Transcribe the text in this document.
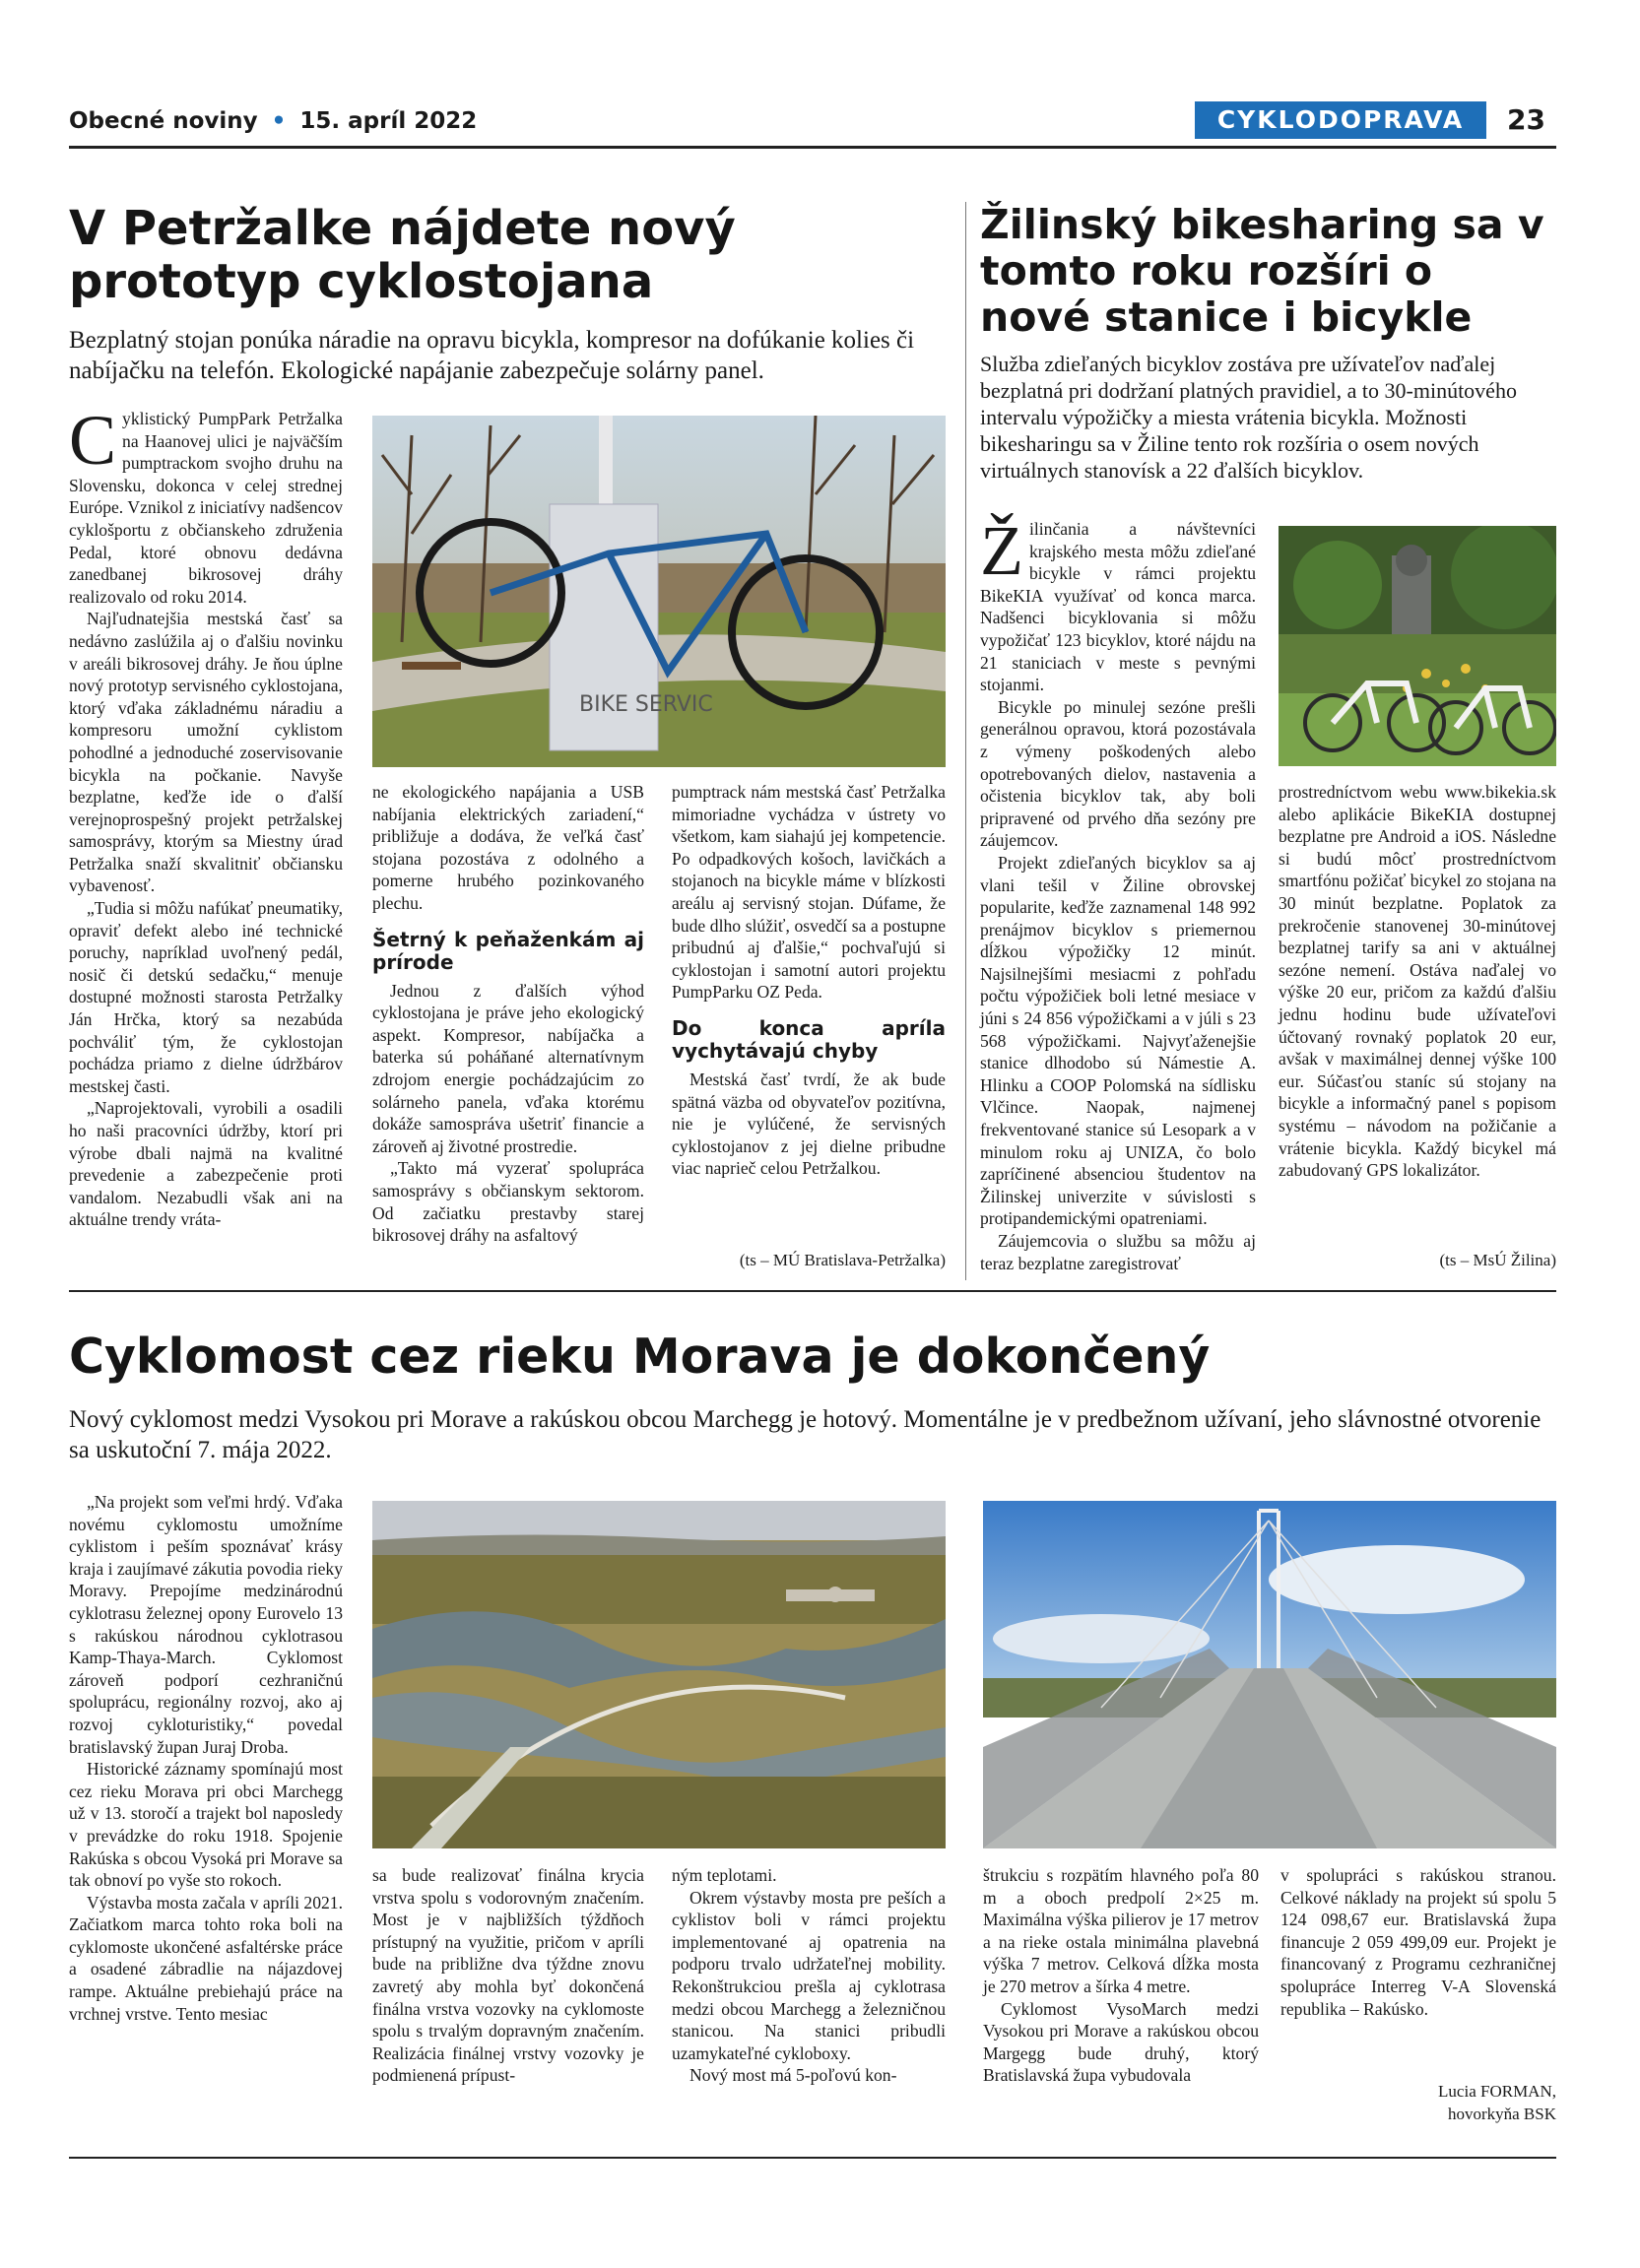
Obecné noviny • 15. apríl 2022	CYKLODOPRAVA	23
V Petržalke nájdete nový prototyp cyklostojana
Bezplatný stojan ponúka náradie na opravu bicykla, kompresor na dofúkanie kolies či nabíjačku na telefón. Ekologické napájanie zabezpečuje solárny panel.
C yklistický PumpPark Petržalka na Haanovej ulici je najväčším pumptrackom svojho druhu na Slovensku, dokonca v celej strednej Európe. Vznikol z iniciatívy nadšencov cyklošportu z občianskeho združenia Pedal, ktoré obnovu dedávna zanedbanej bikrosovej dráhy realizovalo od roku 2014.

Najľudnatejšia mestská časť sa nedávno zaslúžila aj o ďalšiu novinku v areáli bikrosovej dráhy. Je ňou úplne nový prototyp servisného cyklostojana, ktorý vďaka základnému náradiu a kompresoru umožní cyklistom pohodlné a jednoduché zoservisovanie bicykla na počkanie. Navyše bezplatne, keďže ide o ďalší verejnoprospešný projekt petržalskej samosprávy, ktorým sa Miestny úrad Petržalka snaží skvalitniť občiansku vybavenosť.

„Tudia si môžu nafúkať pneumatiky, opraviť defekt alebo iné technické poruchy, napríklad uvoľnený pedál, nosič či detskú sedačku,“ menuje dostupné možnosti starosta Petržalky Ján Hrčka, ktorý sa nezabúda pochváliť tým, že cyklostojan pochádza priamo z dielne údržbárov mestskej časti.

„Naprojektovali, vyrobili a osadili ho naši pracovníci údržby, ktorí pri výrobe dbali najmä na kvalitné prevedenie a zabezpečenie proti vandalom. Nezabudli však ani na aktuálne trendy vráta-

BIKE SERVIC

ne ekologického napájania a USB nabíjania elektrických zariadení,“ približuje a dodáva, že veľká časť stojana pozostáva z odolného a pomerne hrubého pozinkovaného plechu.

Šetrný k peňaženkám aj prírode

Jednou z ďalších výhod cyklostojana je práve jeho ekologický aspekt. Kompresor, nabíjačka a baterka sú poháňané alternatívnym zdrojom energie pochádzajúcim zo solárneho panela, vďaka ktorému dokáže samospráva ušetriť financie a zároveň aj životné prostredie.

„Takto má vyzerať spolupráca samosprávy s občianskym sektorom. Od začiatku prestavby starej bikrosovej dráhy na asfaltový

pumptrack nám mestská časť Petržalka mimoriadne vychádza v ústrety vo všetkom, kam siahajú jej kompetencie. Po odpadkových košoch, lavičkách a stojanoch na bicykle máme v blízkosti areálu aj servisný stojan. Dúfame, že bude dlho slúžiť, osvedčí sa a postupne pribudnú aj ďalšie,“ pochvaľujú si cyklostojan i samotní autori projektu PumpParku OZ Peda.

Do konca apríla vychytávajú chyby

Mestská časť tvrdí, že ak bude spätná väzba od obyvateľov pozitívna, nie je vylúčené, že servisných cyklostojanov z jej dielne pribudne viac naprieč celou Petržalkou.

(ts – MÚ Bratislava-Petržalka)
Žilinský bikesharing sa v tomto roku rozšíri o nové stanice i bicykle
Služba zdieľaných bicyklov zostáva pre užívateľov naďalej bezplatná pri dodržaní platných pravidiel, a to 30-minútového intervalu výpožičky a miesta vrátenia bicykla. Možnosti bikesharingu sa v Žiline tento rok rozšíria o osem nových virtuálnych stanovísk a 22 ďalších bicyklov.
Ž ilinčania a návštevníci krajského mesta môžu zdieľané bicykle v rámci projektu BikeKIA využívať od konca marca. Nadšenci bicyklovania si môžu vypožičať 123 bicyklov, ktoré nájdu na 21 staniciach v meste s pevnými stojanmi.

Bicykle po minulej sezóne prešli generálnou opravou, ktorá pozostávala z výmeny poškodených alebo opotrebovaných dielov, nastavenia a očistenia bicyklov tak, aby boli pripravené od prvého dňa sezóny pre záujemcov.

Projekt zdieľaných bicyklov sa aj vlani tešil v Žiline obrovskej popularite, keďže zaznamenal 148 992 prenájmov bicyklov s priemernou dĺžkou výpožičky 12 minút. Najsilnejšími mesiacmi z pohľadu počtu výpožičiek boli letné mesiace v júni s 24 856 výpožičkami a v júli s 23 568 výpožičkami. Najvyťaženejšie stanice dlhodobo sú Námestie A. Hlinku a COOP Polomská na sídlisku Vlčince. Naopak, najmenej frekventované stanice sú Lesopark a v minulom roku aj UNIZA, čo bolo zapríčinené absenciou študentov na Žilinskej univerzite v súvislosti s protipandemickými opatreniami.

Záujemcovia o službu sa môžu aj teraz bezplatne zaregistrovať

prostredníctvom webu www.bikekia.sk alebo aplikácie BikeKIA dostupnej bezplatne pre Android a iOS. Následne si budú môcť prostredníctvom smartfónu požičať bicykel zo stojana na 30 minút bezplatne. Poplatok za prekročenie stanovenej 30-minútovej bezplatnej tarify sa ani v aktuálnej sezóne nemení. Ostáva naďalej vo výške 20 eur, pričom za každú ďalšiu jednu hodinu bude užívateľovi účtovaný rovnaký poplatok 20 eur, avšak v maximálnej dennej výške 100 eur. Súčasťou staníc sú stojany na bicykle a informačný panel s popisom systému – návodom na požičanie a vrátenie bicykla. Každý bicykel má zabudovaný GPS lokalizátor.

(ts – MsÚ Žilina)
Cyklomost cez rieku Morava je dokončený
Nový cyklomost medzi Vysokou pri Morave a rakúskou obcou Marchegg je hotový. Momentálne je v predbežnom užívaní, jeho slávnostné otvorenie sa uskutoční 7. mája 2022.

„Na projekt som veľmi hrdý. Vďaka novému cyklomostu umožníme cyklistom i peším spoznávať krásy kraja i zaujímavé zákutia povodia rieky Moravy. Prepojíme medzinárodnú cyklotrasu železnej opony Eurovelo 13 s rakúskou národnou cyklotrasou Kamp-Thaya-March. Cyklomost zároveň podporí cezhraničnú spoluprácu, regionálny rozvoj, ako aj rozvoj cykloturistiky,“ povedal bratislavský župan Juraj Droba.

Historické záznamy spomínajú most cez rieku Morava pri obci Marchegg už v 13. storočí a trajekt bol naposledy v prevádzke do roku 1918. Spojenie Rakúska s obcou Vysoká pri Morave sa tak obnoví po vyše sto rokoch.

Výstavba mosta začala v apríli 2021. Začiatkom marca tohto roka boli na cyklomoste ukončené asfaltérske práce a osadené zábradlie na nájazdovej rampe. Aktuálne prebiehajú práce na vrchnej vrstve. Tento mesiac

sa bude realizovať finálna krycia vrstva spolu s vodorovným značením. Most je v najbližších týždňoch prístupný na využitie, pričom v apríli bude na približne dva týždne znovu zavretý aby mohla byť dokončená finálna vrstva vozovky na cyklomoste spolu s trvalým dopravným značením. Realizácia finálnej vrstvy vozovky je podmienená prípust-

ným teplotami.

Okrem výstavby mosta pre peších a cyklistov boli v rámci projektu implementované aj opatrenia na podporu trvalo udržateľnej mobility. Rekonštrukciou prešla aj cyklotrasa medzi obcou Marchegg a železničnou stanicou. Na stanici pribudli uzamykateľné cykloboxy.

Nový most má 5-poľovú kon-

štrukciu s rozpätím hlavného poľa 80 m a oboch predpolí 2×25 m. Maximálna výška pilierov je 17 metrov a na rieke ostala minimálna plavebná výška 7 metrov. Celková dĺžka mosta je 270 metrov a šírka 4 metre.

Cyklomost VysoMarch medzi Vysokou pri Morave a rakúskou obcou Margegg bude druhý, ktorý Bratislavská župa vybudovala

v spolupráci s rakúskou stranou. Celkové náklady na projekt sú spolu 5 124 098,67 eur. Bratislavská župa financuje 2 059 499,09 eur. Projekt je financovaný z Programu cezhraničnej spolupráce Interreg V-A Slovenská republika – Rakúsko.

Lucia FORMAN,
hovorkyňa BSK
